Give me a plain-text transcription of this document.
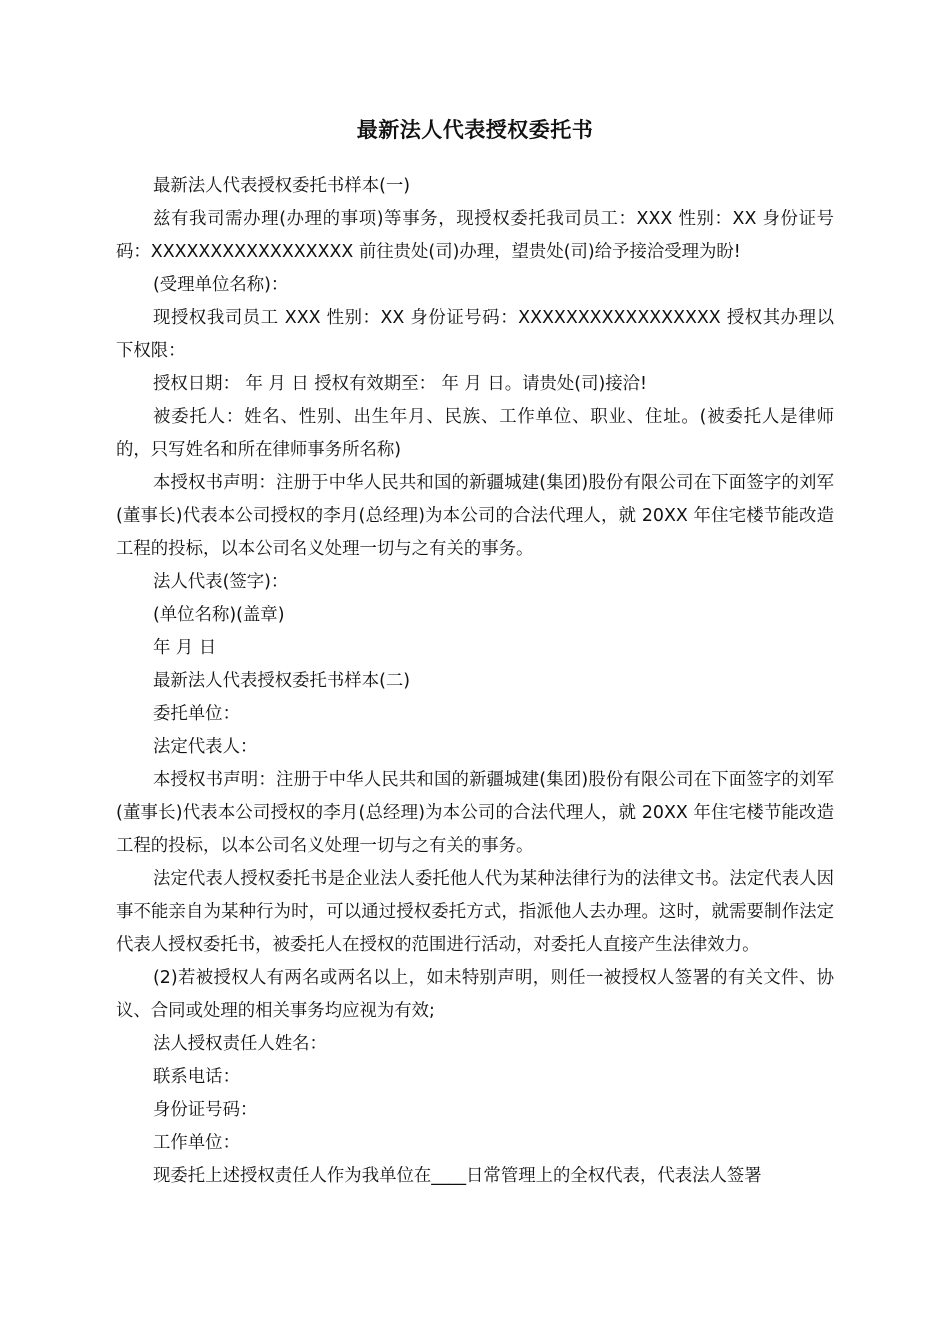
最新法人代表授权委托书

最新法人代表授权委托书样本(一)

兹有我司需办理(办理的事项)等事务，现授权委托我司员工：XXX 性别：XX 身份证号码：XXXXXXXXXXXXXXXXX 前往贵处(司)办理，望贵处(司)给予接洽受理为盼!

(受理单位名称)：

现授权我司员工 XXX 性别：XX 身份证号码：XXXXXXXXXXXXXXXXX 授权其办理以下权限：

授权日期： 年 月 日 授权有效期至： 年 月 日。请贵处(司)接洽!

被委托人：姓名、性别、出生年月、民族、工作单位、职业、住址。(被委托人是律师的，只写姓名和所在律师事务所名称)

本授权书声明：注册于中华人民共和国的新疆城建(集团)股份有限公司在下面签字的刘军(董事长)代表本公司授权的李月(总经理)为本公司的合法代理人，就 20XX 年住宅楼节能改造工程的投标，以本公司名义处理一切与之有关的事务。

法人代表(签字)：

(单位名称)(盖章)

年 月 日

最新法人代表授权委托书样本(二)

委托单位：

法定代表人：

本授权书声明：注册于中华人民共和国的新疆城建(集团)股份有限公司在下面签字的刘军(董事长)代表本公司授权的李月(总经理)为本公司的合法代理人，就 20XX 年住宅楼节能改造工程的投标，以本公司名义处理一切与之有关的事务。

法定代表人授权委托书是企业法人委托他人代为某种法律行为的法律文书。法定代表人因事不能亲自为某种行为时，可以通过授权委托方式，指派他人去办理。这时，就需要制作法定代表人授权委托书，被委托人在授权的范围进行活动，对委托人直接产生法律效力。

(2)若被授权人有两名或两名以上，如未特别声明，则任一被授权人签署的有关文件、协议、合同或处理的相关事务均应视为有效;

法人授权责任人姓名：

联系电话：

身份证号码：

工作单位：

现委托上述授权责任人作为我单位在____日常管理上的全权代表，代表法人签署
